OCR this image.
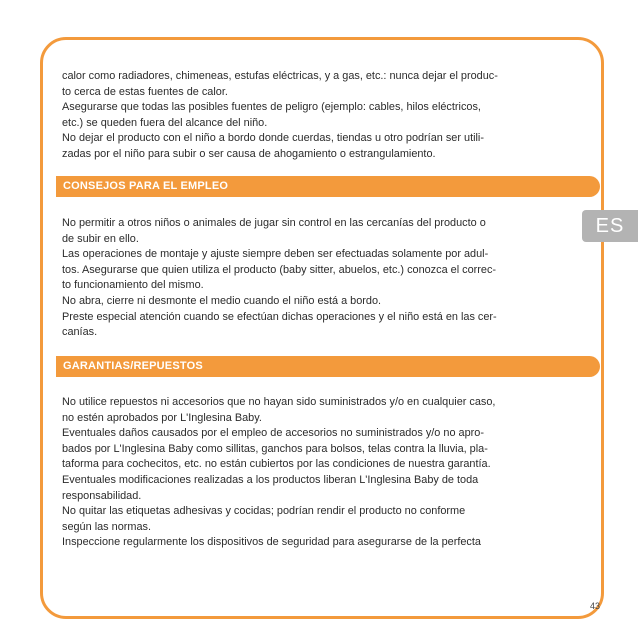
ES

calor como radiadores, chimeneas, estufas eléctricas, y a gas, etc.: nunca dejar el produc-

to cerca de estas fuentes de calor.

Asegurarse que todas las posibles fuentes de peligro (ejemplo: cables, hilos eléctricos,

etc.) se queden fuera del alcance del niño.

No dejar el producto con el niño a bordo donde cuerdas, tiendas u otro podrían ser utili-

zadas por el niño para subir o ser causa de ahogamiento o estrangulamiento.

CONSEJOS PARA EL EMPLEO

No permitir a otros niños o animales de jugar sin control en las cercanías del producto o

de subir en ello.

Las operaciones de montaje y ajuste siempre deben ser efectuadas solamente por adul-

tos. Asegurarse que quien utiliza el producto (baby sitter, abuelos, etc.) conozca el correc-

to funcionamiento del mismo.

No abra, cierre ni desmonte el medio cuando el niño está a bordo.

Preste especial atención cuando se efectúan dichas operaciones y el niño está en las cer-

canías.

GARANTIAS/REPUESTOS

No utilice repuestos ni accesorios que no hayan sido suministrados y/o en cualquier caso,

no estén aprobados por L'Inglesina Baby.

Eventuales daños causados por el empleo de accesorios no suministrados y/o no apro-

bados por L'Inglesina Baby como sillitas, ganchos para bolsos, telas contra la lluvia, pla-

taforma para cochecitos, etc. no están cubiertos por las condiciones de nuestra garantía.

Eventuales modificaciones realizadas a los productos liberan L'Inglesina Baby de toda

responsabilidad.

No quitar las etiquetas adhesivas y cocidas; podrían rendir el producto no conforme

según las normas.

Inspeccione regularmente los dispositivos de seguridad para asegurarse de la perfecta

43
